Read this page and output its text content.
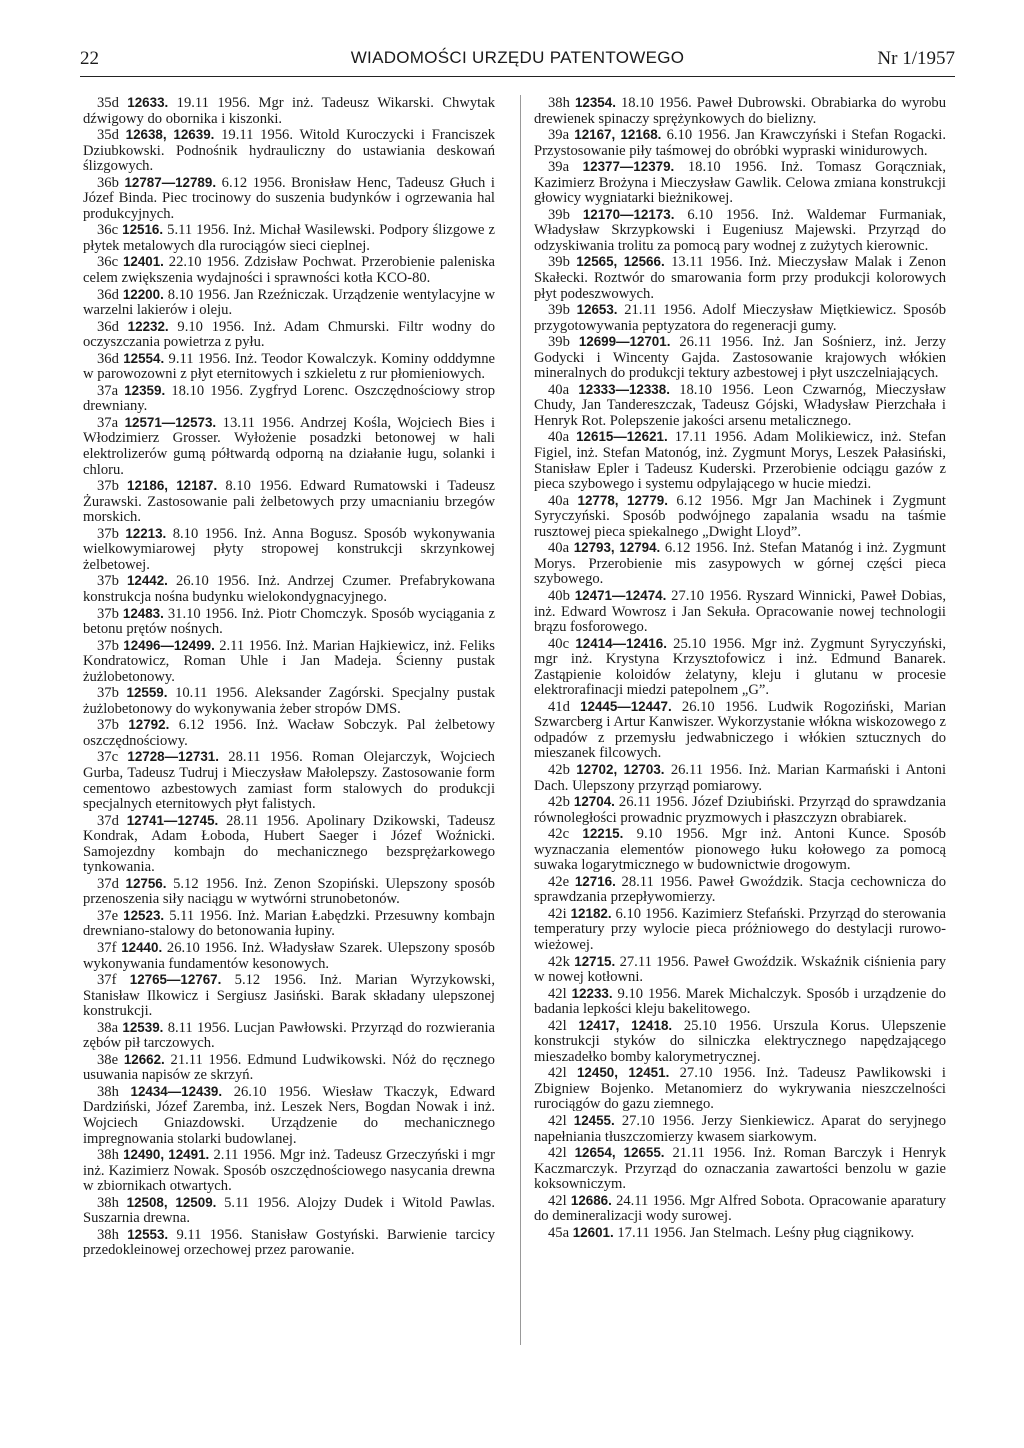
22	WIADOMOŚCI URZĘDU PATENTOWEGO	Nr 1/1957

35d 12633. 19.11 1956. Mgr inż. Tadeusz Wikarski. Chwytak dźwigowy do obornika i kiszonki.

35d 12638, 12639. 19.11 1956. Witold Kuroczycki i Franciszek Dziubkowski. Podnośnik hydrauliczny do ustawiania deskowań ślizgowych.

36b 12787—12789. 6.12 1956. Bronisław Henc, Tadeusz Głuch i Józef Binda. Piec trocinowy do suszenia budynków i ogrzewania hal produkcyjnych.

36c 12516. 5.11 1956. Inż. Michał Wasilewski. Podpory ślizgowe z płytek metalowych dla rurociągów sieci cieplnej.

36c 12401. 22.10 1956. Zdzisław Pochwat. Przerobienie paleniska celem zwiększenia wydajności i sprawności kotła KCO-80.

36d 12200. 8.10 1956. Jan Rzeźniczak. Urządzenie wentylacyjne w warzelni lakierów i oleju.

36d 12232. 9.10 1956. Inż. Adam Chmurski. Filtr wodny do oczyszczania powietrza z pyłu.

36d 12554. 9.11 1956. Inż. Teodor Kowalczyk. Kominy odddymne w parowozowni z płyt eternitowych i szkieletu z rur płomieniowych.

37a 12359. 18.10 1956. Zygfryd Lorenc. Oszczędnościowy strop drewniany.

37a 12571—12573. 13.11 1956. Andrzej Kośla, Wojciech Bies i Włodzimierz Grosser. Wyłożenie posadzki betonowej w hali elektrolizerów gumą półtwardą odporną na działanie ługu, solanki i chloru.

37b 12186, 12187. 8.10 1956. Edward Rumatowski i Tadeusz Żurawski. Zastosowanie pali żelbetowych przy umacnianiu brzegów morskich.

37b 12213. 8.10 1956. Inż. Anna Bogusz. Sposób wykonywania wielkowymiarowej płyty stropowej konstrukcji skrzynkowej żelbetowej.

37b 12442. 26.10 1956. Inż. Andrzej Czumer. Prefabrykowana konstrukcja nośna budynku wielokondygnacyjnego.

37b 12483. 31.10 1956. Inż. Piotr Chomczyk. Sposób wyciągania z betonu prętów nośnych.

37b 12496—12499. 2.11 1956. Inż. Marian Hajkiewicz, inż. Feliks Kondratowicz, Roman Uhle i Jan Madeja. Ścienny pustak żużlobetonowy.

37b 12559. 10.11 1956. Aleksander Zagórski. Specjalny pustak żużlobetonowy do wykonywania żeber stropów DMS.

37b 12792. 6.12 1956. Inż. Wacław Sobczyk. Pal żelbetowy oszczędnościowy.

37c 12728—12731. 28.11 1956. Roman Olejarczyk, Wojciech Gurba, Tadeusz Tudruj i Mieczysław Małolepszy. Zastosowanie form cementowo azbestowych zamiast form stalowych do produkcji specjalnych eternitowych płyt falistych.

37d 12741—12745. 28.11 1956. Apolinary Dzikowski, Tadeusz Kondrak, Adam Łoboda, Hubert Saeger i Józef Woźnicki. Samojezdny kombajn do mechanicznego bezsprężarkowego tynkowania.

37d 12756. 5.12 1956. Inż. Zenon Szopiński. Ulepszony sposób przenoszenia siły naciągu w wytwórni strunobetonów.

37e 12523. 5.11 1956. Inż. Marian Łabędzki. Przesuwny kombajn drewniano-stalowy do betonowania łupiny.

37f 12440. 26.10 1956. Inż. Władysław Szarek. Ulepszony sposób wykonywania fundamentów kesonowych.

37f 12765—12767. 5.12 1956. Inż. Marian Wyrzykowski, Stanisław Ilkowicz i Sergiusz Jasiński. Barak składany ulepszonej konstrukcji.

38a 12539. 8.11 1956. Lucjan Pawłowski. Przyrząd do rozwierania zębów pił tarczowych.

38e 12662. 21.11 1956. Edmund Ludwikowski. Nóż do ręcznego usuwania napisów ze skrzyń.

38h 12434—12439. 26.10 1956. Wiesław Tkaczyk, Edward Dardziński, Józef Zaremba, inż. Leszek Ners, Bogdan Nowak i inż. Wojciech Gniazdowski. Urządzenie do mechanicznego impregnowania stolarki budowlanej.

38h 12490, 12491. 2.11 1956. Mgr inż. Tadeusz Grzeczyński i mgr inż. Kazimierz Nowak. Sposób oszczędnościowego nasycania drewna w zbiornikach otwartych.

38h 12508, 12509. 5.11 1956. Alojzy Dudek i Witold Pawlas. Suszarnia drewna.

38h 12553. 9.11 1956. Stanisław Gostyński. Barwienie tarcicy przedokleinowej orzechowej przez parowanie.

38h 12354. 18.10 1956. Paweł Dubrowski. Obrabiarka do wyrobu drewienek spinaczy sprężynkowych do bielizny.

39a 12167, 12168. 6.10 1956. Jan Krawczyński i Stefan Rogacki. Przystosowanie piły taśmowej do obróbki wypraski winidurowych.

39a 12377—12379. 18.10 1956. Inż. Tomasz Gorączniak, Kazimierz Brożyna i Mieczysław Gawlik. Celowa zmiana konstrukcji głowicy wygniatarki bieżnikowej.

39b 12170—12173. 6.10 1956. Inż. Waldemar Furmaniak, Władysław Skrzypkowski i Eugeniusz Majewski. Przyrząd do odzyskiwania trolitu za pomocą pary wodnej z zużytych kierownic.

39b 12565, 12566. 13.11 1956. Inż. Mieczysław Malak i Zenon Skałecki. Roztwór do smarowania form przy produkcji kolorowych płyt podeszwowych.

39b 12653. 21.11 1956. Adolf Mieczysław Miętkiewicz. Sposób przygotowywania peptyzatora do regeneracji gumy.

39b 12699—12701. 26.11 1956. Inż. Jan Sośnierz, inż. Jerzy Godycki i Wincenty Gajda. Zastosowanie krajowych włókien mineralnych do produkcji tektury azbestowej i płyt uszczelniających.

40a 12333—12338. 18.10 1956. Leon Czwarnóg, Mieczysław Chudy, Jan Tandereszczak, Tadeusz Gójski, Władysław Pierzchała i Henryk Rot. Polepszenie jakości arsenu metalicznego.

40a 12615—12621. 17.11 1956. Adam Molikiewicz, inż. Stefan Figiel, inż. Stefan Matonóg, inż. Zygmunt Morys, Leszek Pałasiński, Stanisław Epler i Tadeusz Kuderski. Przerobienie odciągu gazów z pieca szybowego i systemu odpylającego w hucie miedzi.

40a 12778, 12779. 6.12 1956. Mgr Jan Machinek i Zygmunt Syryczyński. Sposób podwójnego zapalania wsadu na taśmie rusztowej pieca spiekalnego „Dwight Lloyd”.

40a 12793, 12794. 6.12 1956. Inż. Stefan Matanóg i inż. Zygmunt Morys. Przerobienie mis zasypowych w górnej części pieca szybowego.

40b 12471—12474. 27.10 1956. Ryszard Winnicki, Paweł Dobias, inż. Edward Wowrosz i Jan Sekuła. Opracowanie nowej technologii brązu fosforowego.

40c 12414—12416. 25.10 1956. Mgr inż. Zygmunt Syryczyński, mgr inż. Krystyna Krzysztofowicz i inż. Edmund Banarek. Zastąpienie koloidów żelatyny, kleju i glutanu w procesie elektrorafinacji miedzi patepolnem „G”.

41d 12445—12447. 26.10 1956. Ludwik Rogoziński, Marian Szwarcberg i Artur Kanwiszer. Wykorzystanie włókna wiskozowego z odpadów z przemysłu jedwabniczego i włókien sztucznych do mieszanek filcowych.

42b 12702, 12703. 26.11 1956. Inż. Marian Karmański i Antoni Dach. Ulepszony przyrząd pomiarowy.

42b 12704. 26.11 1956. Józef Dziubiński. Przyrząd do sprawdzania równoległości prowadnic pryzmowych i płaszczyzn obrabiarek.

42c 12215. 9.10 1956. Mgr inż. Antoni Kunce. Sposób wyznaczania elementów pionowego łuku kołowego za pomocą suwaka logarytmicznego w budownictwie drogowym.

42e 12716. 28.11 1956. Paweł Gwoździk. Stacja cechownicza do sprawdzania przepływomierzy.

42i 12182. 6.10 1956. Kazimierz Stefański. Przyrząd do sterowania temperatury przy wylocie pieca próżniowego do destylacji rurowo-wieżowej.

42k 12715. 27.11 1956. Paweł Gwoździk. Wskaźnik ciśnienia pary w nowej kotłowni.

42l 12233. 9.10 1956. Marek Michalczyk. Sposób i urządzenie do badania lepkości kleju bakelitowego.

42l 12417, 12418. 25.10 1956. Urszula Korus. Ulepszenie konstrukcji styków do silniczka elektrycznego napędzającego mieszadełko bomby kalorymetrycznej.

42l 12450, 12451. 27.10 1956. Inż. Tadeusz Pawlikowski i Zbigniew Bojenko. Metanomierz do wykrywania nieszczelności rurociągów do gazu ziemnego.

42l 12455. 27.10 1956. Jerzy Sienkiewicz. Aparat do seryjnego napełniania tłuszczomierzy kwasem siarkowym.

42l 12654, 12655. 21.11 1956. Inż. Roman Barczyk i Henryk Kaczmarczyk. Przyrząd do oznaczania zawartości benzolu w gazie koksowniczym.

42l 12686. 24.11 1956. Mgr Alfred Sobota. Opracowanie aparatury do demineralizacji wody surowej.

45a 12601. 17.11 1956. Jan Stelmach. Leśny pług ciągnikowy.
